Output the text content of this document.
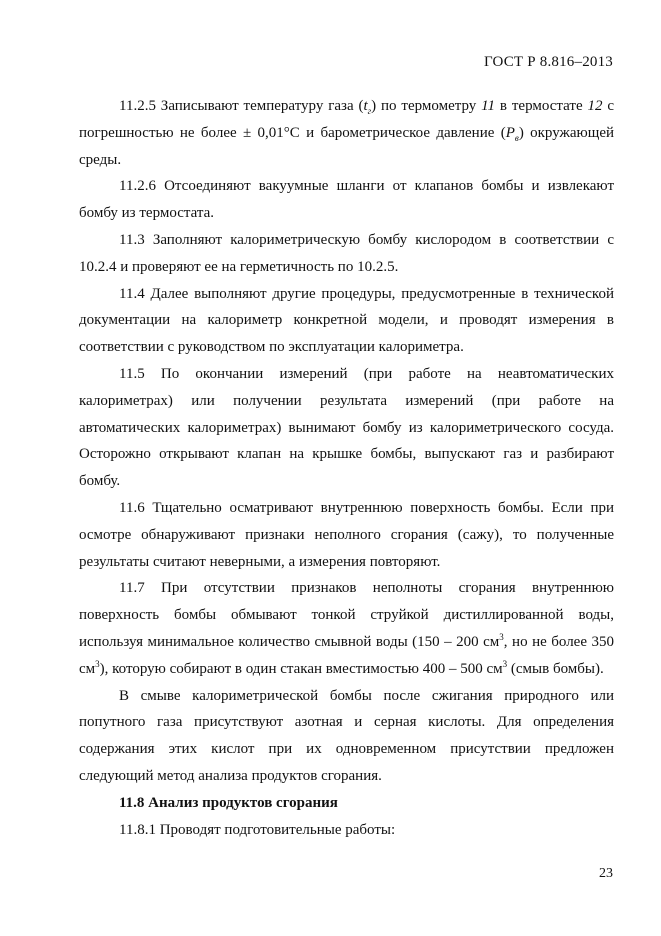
ГОСТ Р 8.816–2013

11.2.5 Записывают температуру газа $(t_г)$ по термометру 11 в термостате 12 с погрешностью не более ± 0,01°С и барометрическое давление $(P_в)$ окружающей среды.

11.2.6 Отсоединяют вакуумные шланги от клапанов бомбы и извлекают бомбу из термостата.

11.3 Заполняют калориметрическую бомбу кислородом в соответствии с 10.2.4 и проверяют ее на герметичность по 10.2.5.

11.4 Далее выполняют другие процедуры, предусмотренные в технической документации на калориметр конкретной модели, и проводят измерения в соответствии с руководством по эксплуатации калориметра.

11.5 По окончании измерений (при работе на неавтоматических калориметрах) или получении результата измерений (при работе на автоматических калориметрах) вынимают бомбу из калориметрического сосуда. Осторожно открывают клапан на крышке бомбы, выпускают газ и разбирают бомбу.

11.6 Тщательно осматривают внутреннюю поверхность бомбы. Если при осмотре обнаруживают признаки неполного сгорания (сажу), то полученные результаты считают неверными, а измерения повторяют.

11.7 При отсутствии признаков неполноты сгорания внутреннюю поверхность бомбы обмывают тонкой струйкой дистиллированной воды, используя минимальное количество смывной воды (150 – 200 $см^3$, но не более 350 $см^3$), которую собирают в один стакан вместимостью 400 – 500 $см^3$ (смыв бомбы).

В смыве калориметрической бомбы после сжигания природного или попутного газа присутствуют азотная и серная кислоты. Для определения содержания этих кислот при их одновременном присутствии предложен следующий метод анализа продуктов сгорания.

11.8 Анализ продуктов сгорания

11.8.1 Проводят подготовительные работы:

23
